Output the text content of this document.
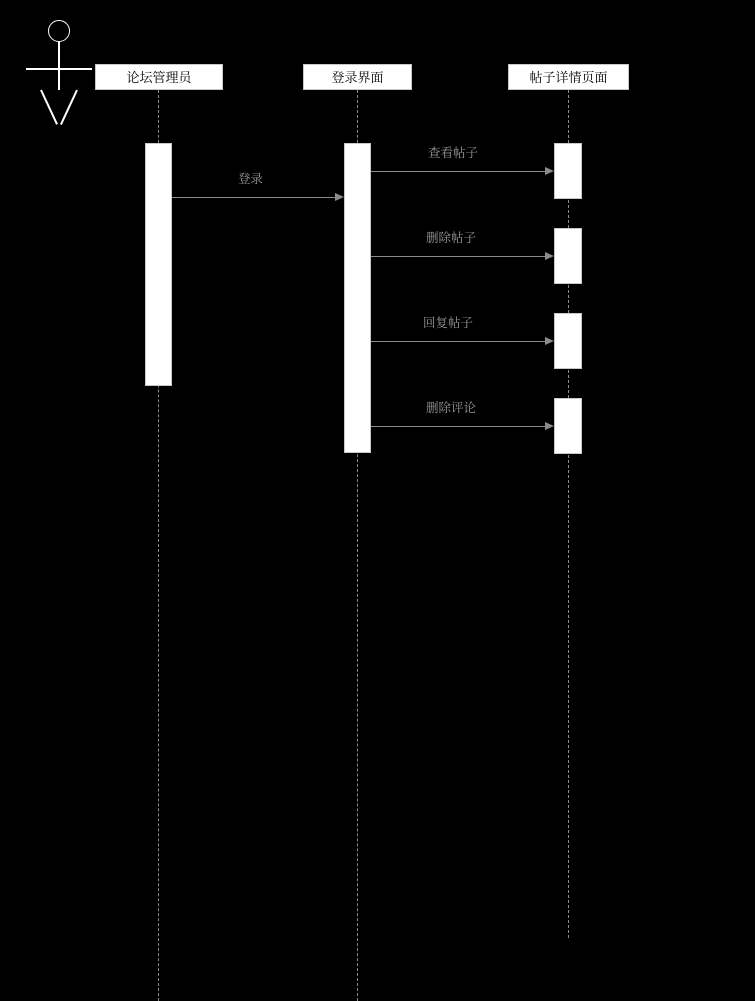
论坛管理员	登录界面	帖子详情页面
登录
查看帖子
删除帖子
回复帖子
删除评论
